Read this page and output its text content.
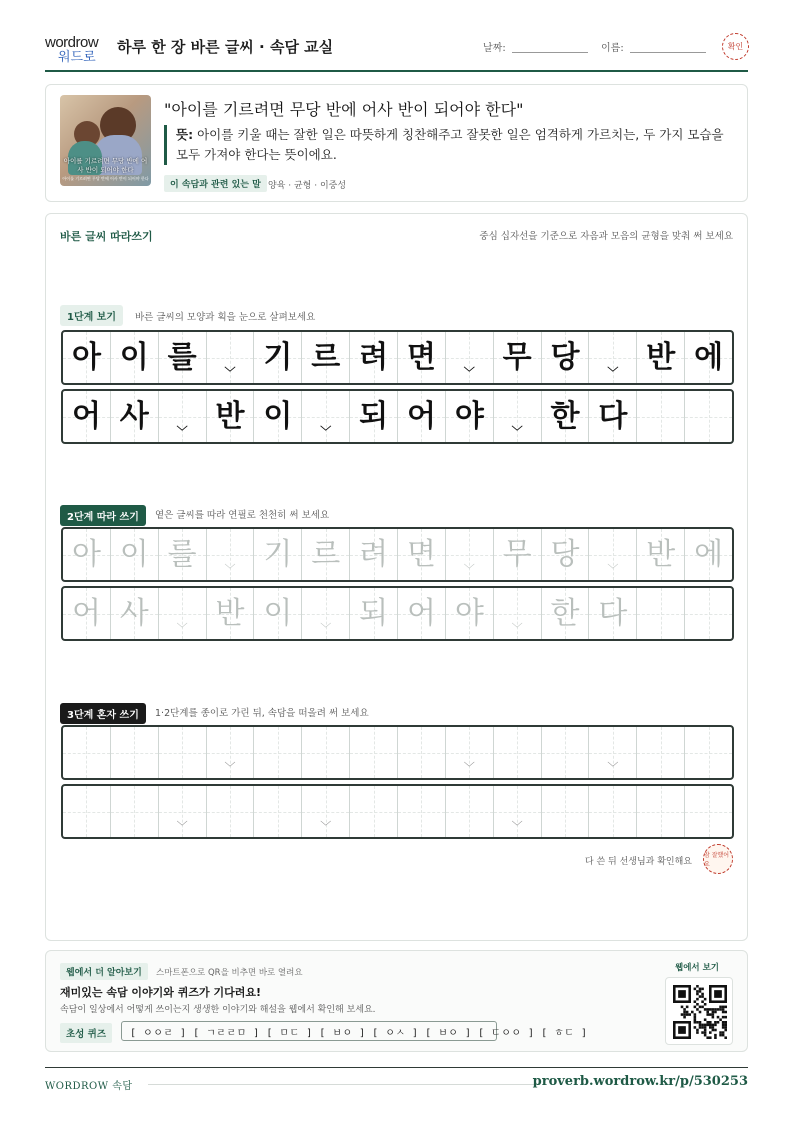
wordrow
워드로
하루 한 장 바른 글씨 · 속담 교실	날짜:	이름:	확인
아이를 기르려면 무당 반에 어사 반이 되어야 한다
아이를 기르려면 무당 반에 어사 반이 되어야 한다
"아이를 기르려면 무당 반에 어사 반이 되어야 한다"
뜻: 아이를 키울 때는 잘한 일은 따뜻하게 칭찬해주고 잘못한 일은 엄격하게 가르치는, 두 가지 모습을 모두 가져야 한다는 뜻이에요.
이 속담과 관련 있는 말 양육 · 균형 · 이중성
바른 글씨 따라쓰기	중심 십자선을 기준으로 자음과 모음의 균형을 맞춰 써 보세요
1단계 보기	바른 글씨의 모양과 획을 눈으로 살펴보세요
아 이 를	﹀ 기 르 려 면	﹀ 무 당	﹀ 반 에
어 사	﹀ 반 이	﹀ 되 어 야	﹀ 한 다
2단계 따라 쓰기	옅은 글씨를 따라 연필로 천천히 써 보세요
아 이 를	﹀ 기 르 려 면	﹀ 무 당	﹀ 반 에
어 사	﹀ 반 이	﹀ 되 어 야	﹀ 한 다
3단계 혼자 쓰기	1·2단계를 종이로 가린 뒤, 속담을 떠올려 써 보세요
﹀	﹀	﹀
﹀	﹀	﹀
다 쓴 뒤 선생님과 확인해요
참 잘했어요
웹에서 더 알아보기	스마트폰으로 QR을 비추면 바로 열려요
재미있는 속담 이야기와 퀴즈가 기다려요!
속담이 일상에서 어떻게 쓰이는지 생생한 이야기와 해설을 웹에서 확인해 보세요.
초성 퀴즈	[ ㅇㅇㄹ ] [ ㄱㄹㄹㅁ ] [ ㅁㄷ ] [ ㅂㅇ ] [ ㅇㅅ ] [ ㅂㅇ ] [ ㄷㅇㅇ ] [ ㅎㄷ ]
웹에서 보기
WORDROW 속담	proverb.wordrow.kr/p/530253
